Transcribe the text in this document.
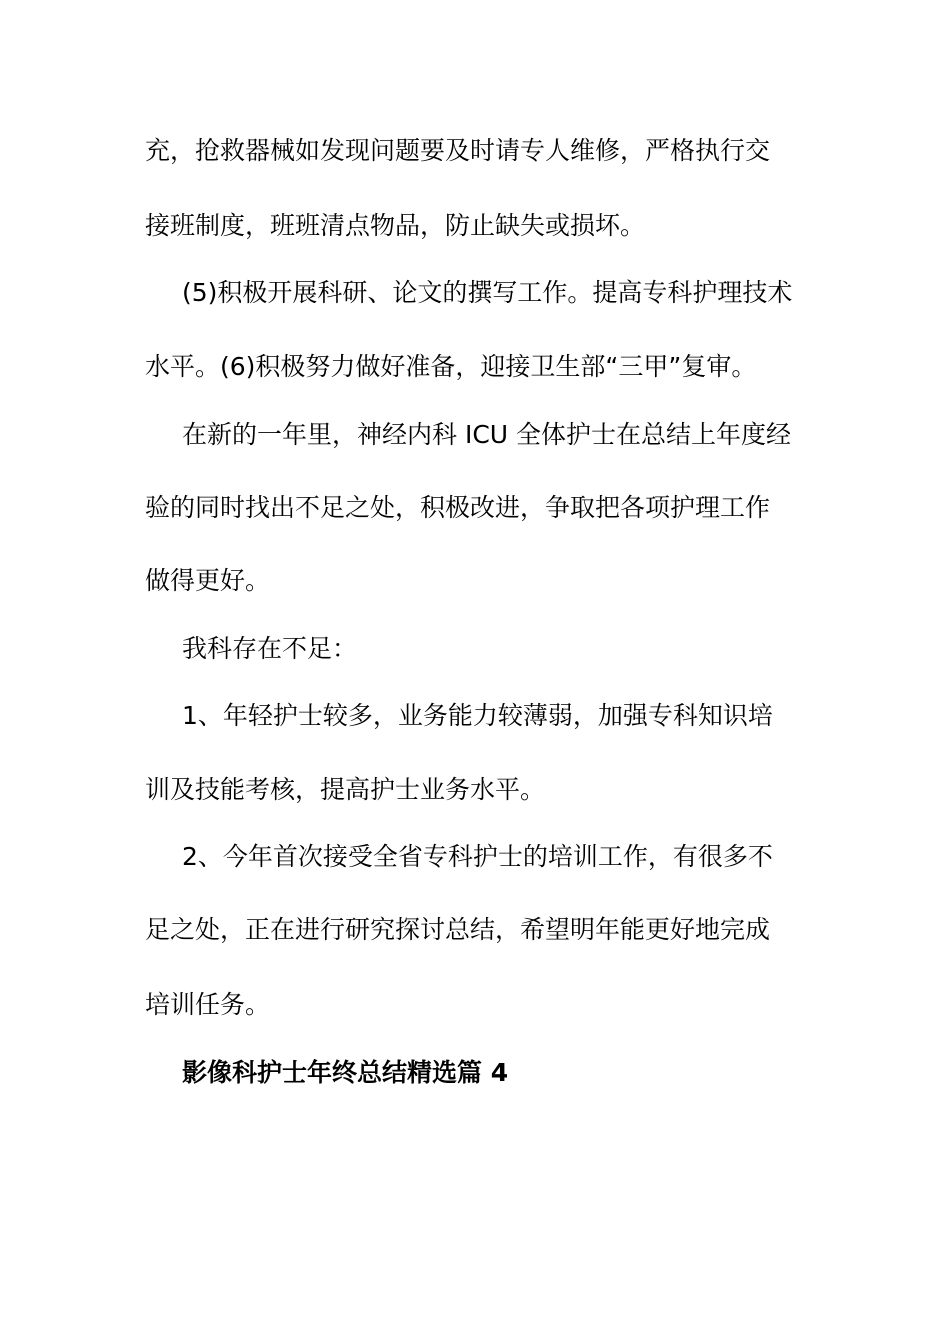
充，抢救器械如发现问题要及时请专人维修，严格执行交
接班制度，班班清点物品，防止缺失或损坏。
(5)积极开展科研、论文的撰写工作。提高专科护理技术
水平。(6)积极努力做好准备，迎接卫生部“三甲”复审。
在新的一年里，神经内科 ICU 全体护士在总结上年度经
验的同时找出不足之处，积极改进，争取把各项护理工作
做得更好。
我科存在不足：
1、年轻护士较多，业务能力较薄弱，加强专科知识培
训及技能考核，提高护士业务水平。
2、今年首次接受全省专科护士的培训工作，有很多不
足之处，正在进行研究探讨总结，希望明年能更好地完成
培训任务。
影像科护士年终总结精选篇 4
